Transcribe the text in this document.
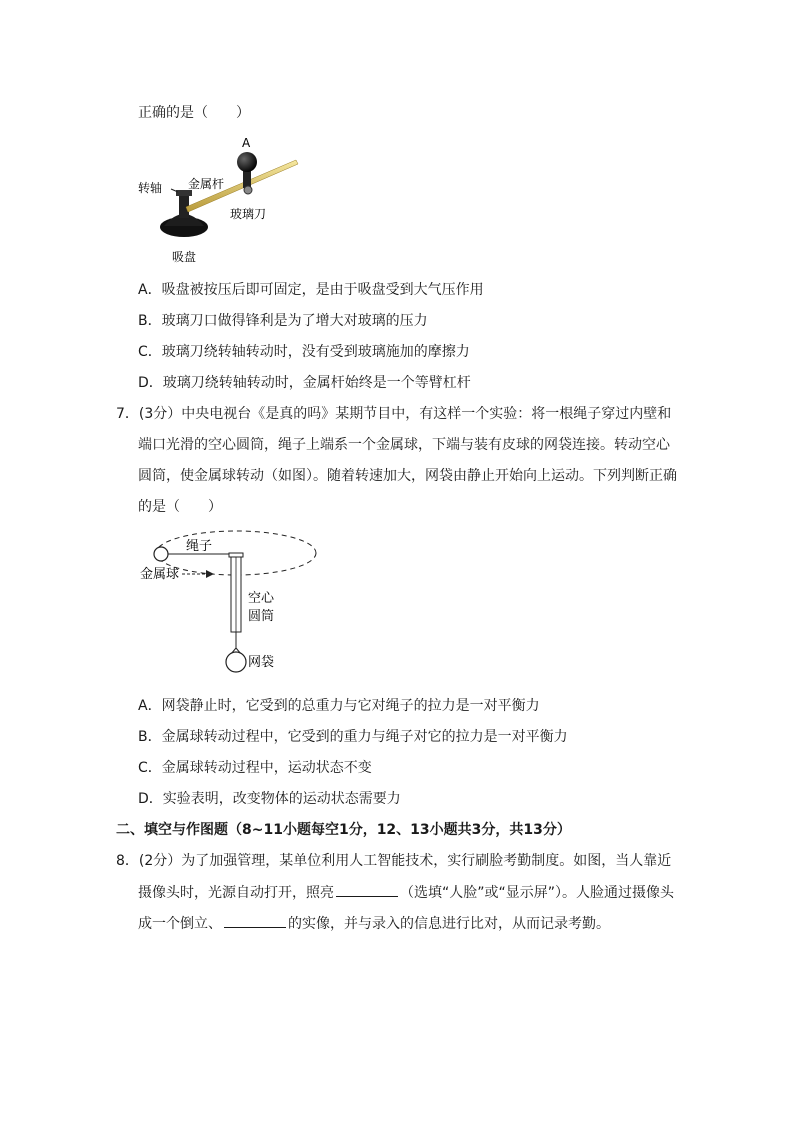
正确的是（　　）
A
转轴 金属杆
玻璃刀
吸盘
A．吸盘被按压后即可固定，是由于吸盘受到大气压作用
B．玻璃刀口做得锋利是为了增大对玻璃的压力
C．玻璃刀绕转轴转动时，没有受到玻璃施加的摩擦力
D．玻璃刀绕转轴转动时，金属杆始终是一个等臂杠杆
7．(3分）中央电视台《是真的吗》某期节目中，有这样一个实验：将一根绳子穿过内壁和
端口光滑的空心圆筒，绳子上端系一个金属球，下端与装有皮球的网袋连接。转动空心
圆筒，使金属球转动（如图）。随着转速加大，网袋由静止开始向上运动。下列判断正确
的是（　　）
绳子
金属球
空心
圆筒
网袋
A．网袋静止时，它受到的总重力与它对绳子的拉力是一对平衡力
B．金属球转动过程中，它受到的重力与绳子对它的拉力是一对平衡力
C．金属球转动过程中，运动状态不变
D．实验表明，改变物体的运动状态需要力
二、填空与作图题（8~11小题每空1分，12、13小题共3分，共13分）
8．(2分）为了加强管理，某单位利用人工智能技术，实行刷脸考勤制度。如图，当人靠近
摄像头时，光源自动打开，照亮	（选填“人脸”或“显示屏”）。人脸通过摄像头
成一个倒立、	的实像，并与录入的信息进行比对，从而记录考勤。
